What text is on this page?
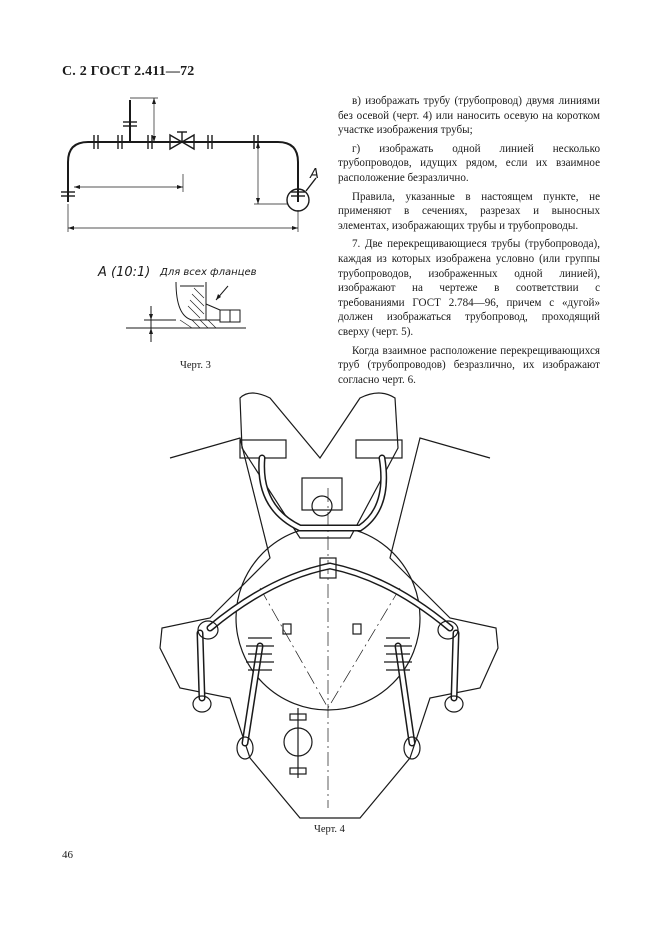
С. 2 ГОСТ 2.411—72
A
A (10:1) Для всех фланцев
Черт. 3

в) изображать трубу (трубопровод) двумя линиями без осевой (черт. 4) или наносить осевую на коротком участке изображения трубы;

г) изображать одной линией несколько трубопроводов, идущих рядом, если их взаимное расположение безразлично.

Правила, указанные в настоящем пункте, не применяют в сечениях, разрезах и выносных элементах, изображающих трубы и трубопроводы.

7. Две перекрещивающиеся трубы (трубопровода), каждая из которых изображена условно (или группы трубопроводов, изображенных одной линией), изображают на чертеже в соответствии с требованиями ГОСТ 2.784—96, причем с «дугой» должен изображаться трубопровод, проходящий сверху (черт. 5).

Когда взаимное расположение перекрещивающихся труб (трубопроводов) безразлично, их изображают согласно черт. 6.

Черт. 4
46
